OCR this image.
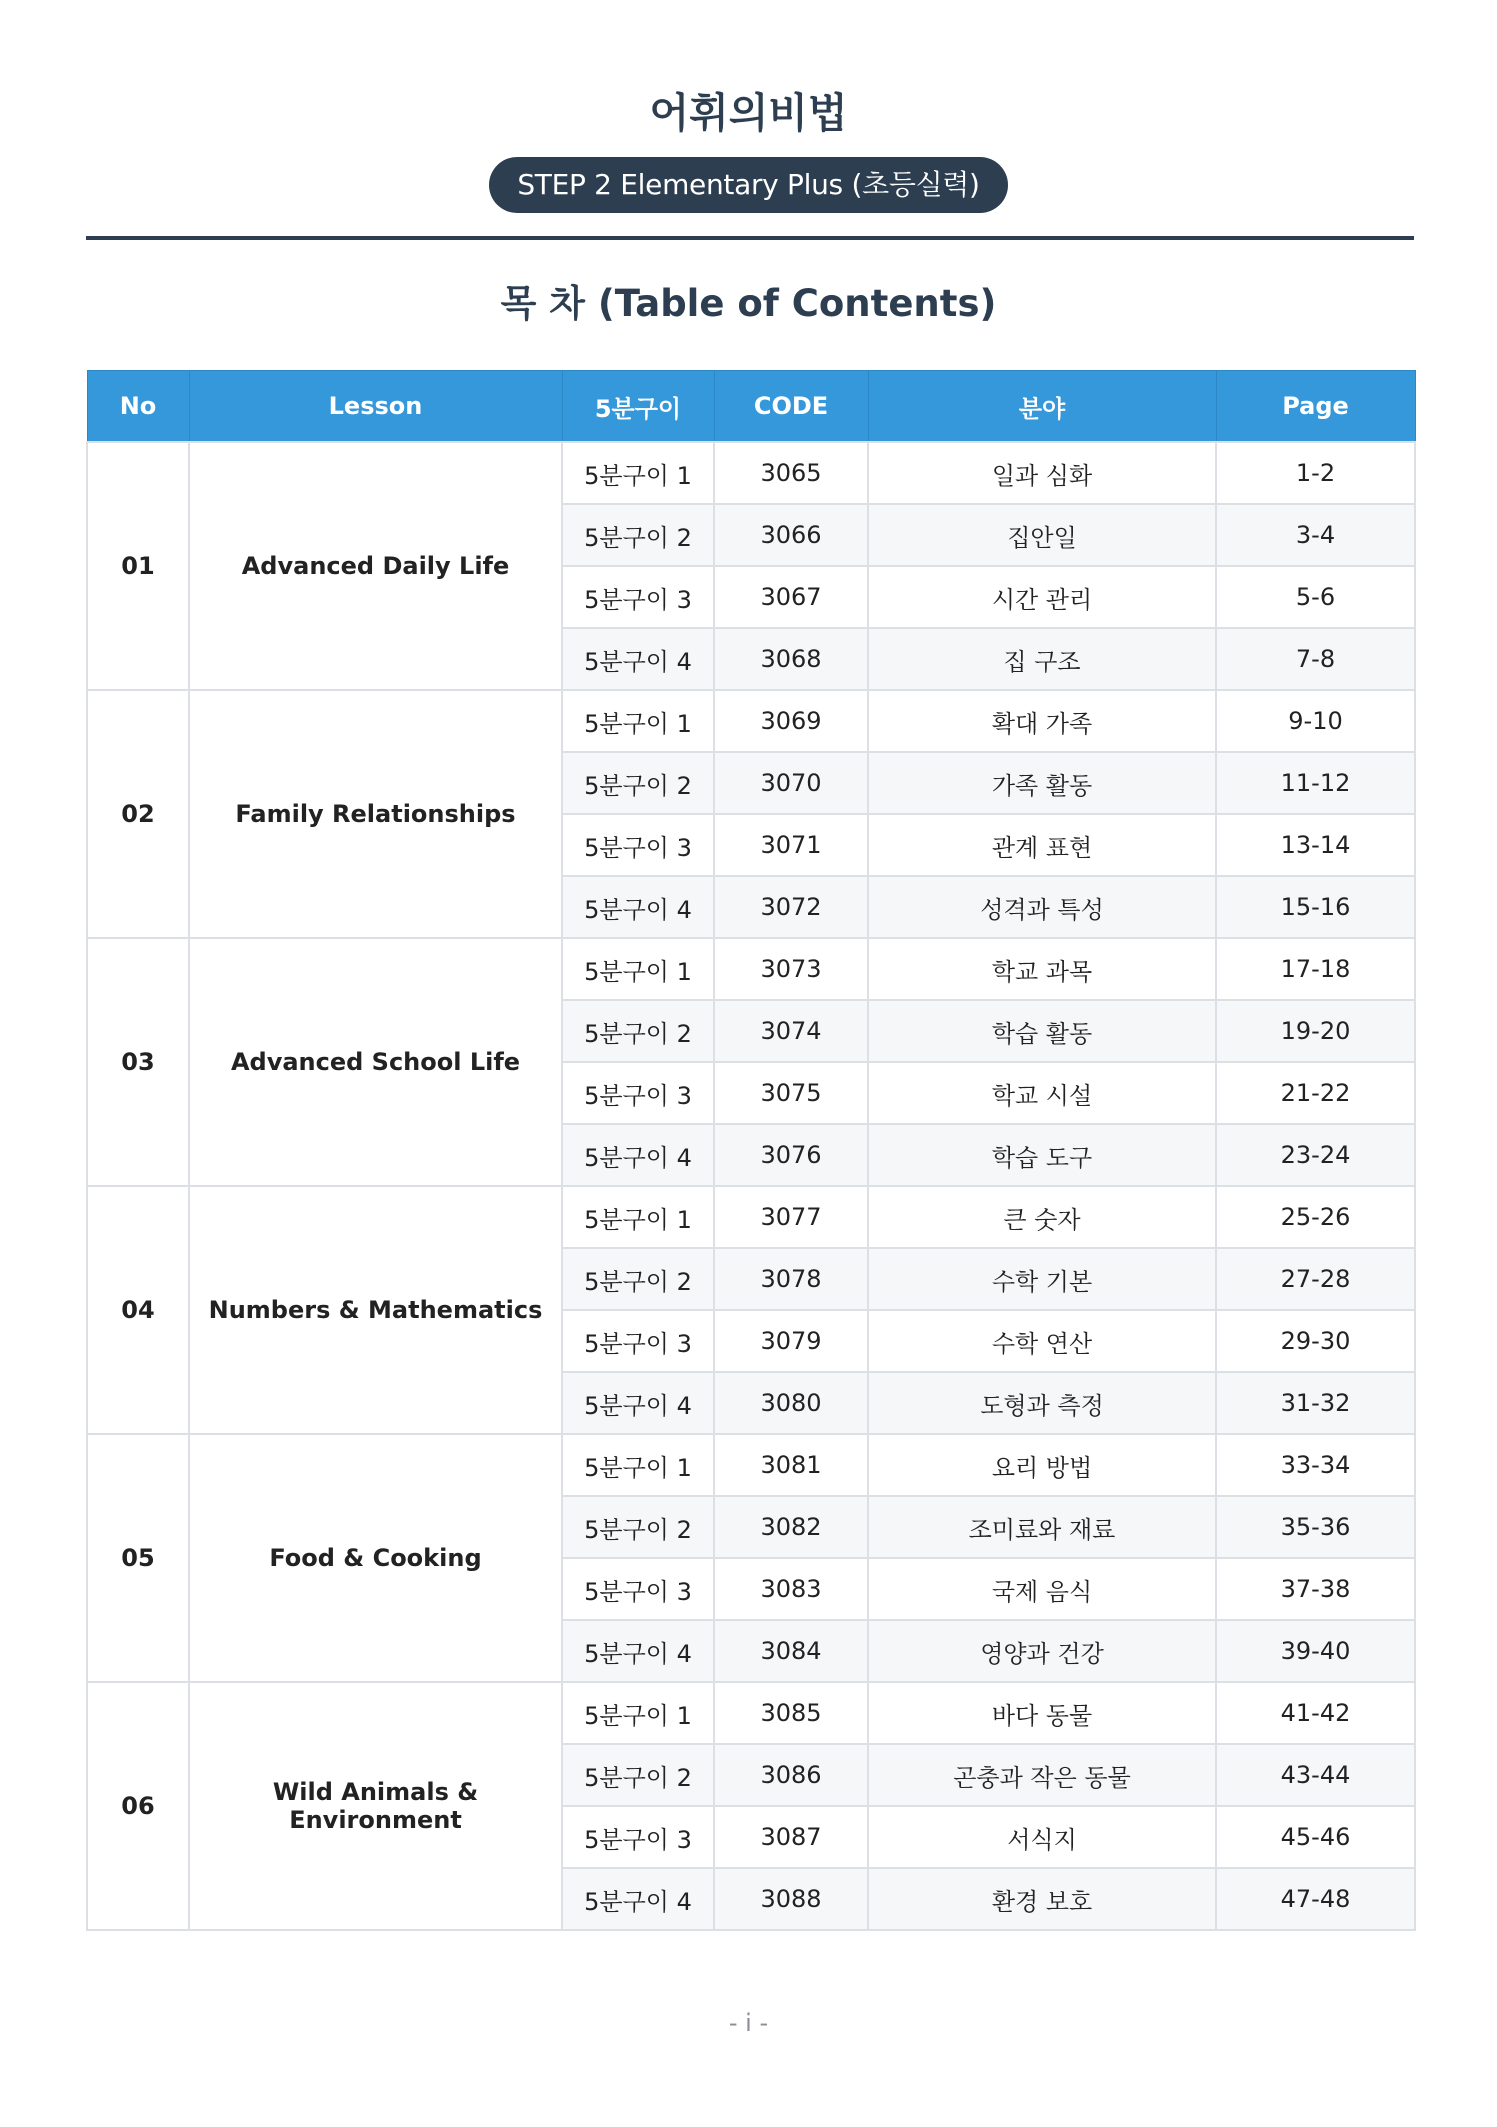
어휘의비법
STEP 2 Elementary Plus (초등실력)
목 차 (Table of Contents)
No	Lesson	5분구이	CODE	분야	Page
01	Advanced Daily Life	5분구이 1	3065	일과 심화	1-2
		5분구이 2	3066	집안일	3-4
		5분구이 3	3067	시간 관리	5-6
		5분구이 4	3068	집 구조	7-8
02	Family Relationships	5분구이 1	3069	확대 가족	9-10
		5분구이 2	3070	가족 활동	11-12
		5분구이 3	3071	관계 표현	13-14
		5분구이 4	3072	성격과 특성	15-16
03	Advanced School Life	5분구이 1	3073	학교 과목	17-18
		5분구이 2	3074	학습 활동	19-20
		5분구이 3	3075	학교 시설	21-22
		5분구이 4	3076	학습 도구	23-24
04	Numbers & Mathematics	5분구이 1	3077	큰 숫자	25-26
		5분구이 2	3078	수학 기본	27-28
		5분구이 3	3079	수학 연산	29-30
		5분구이 4	3080	도형과 측정	31-32
05	Food & Cooking	5분구이 1	3081	요리 방법	33-34
		5분구이 2	3082	조미료와 재료	35-36
		5분구이 3	3083	국제 음식	37-38
		5분구이 4	3084	영양과 건강	39-40
06	Wild Animals & Environment	5분구이 1	3085	바다 동물	41-42
		5분구이 2	3086	곤충과 작은 동물	43-44
		5분구이 3	3087	서식지	45-46
		5분구이 4	3088	환경 보호	47-48
- i -
